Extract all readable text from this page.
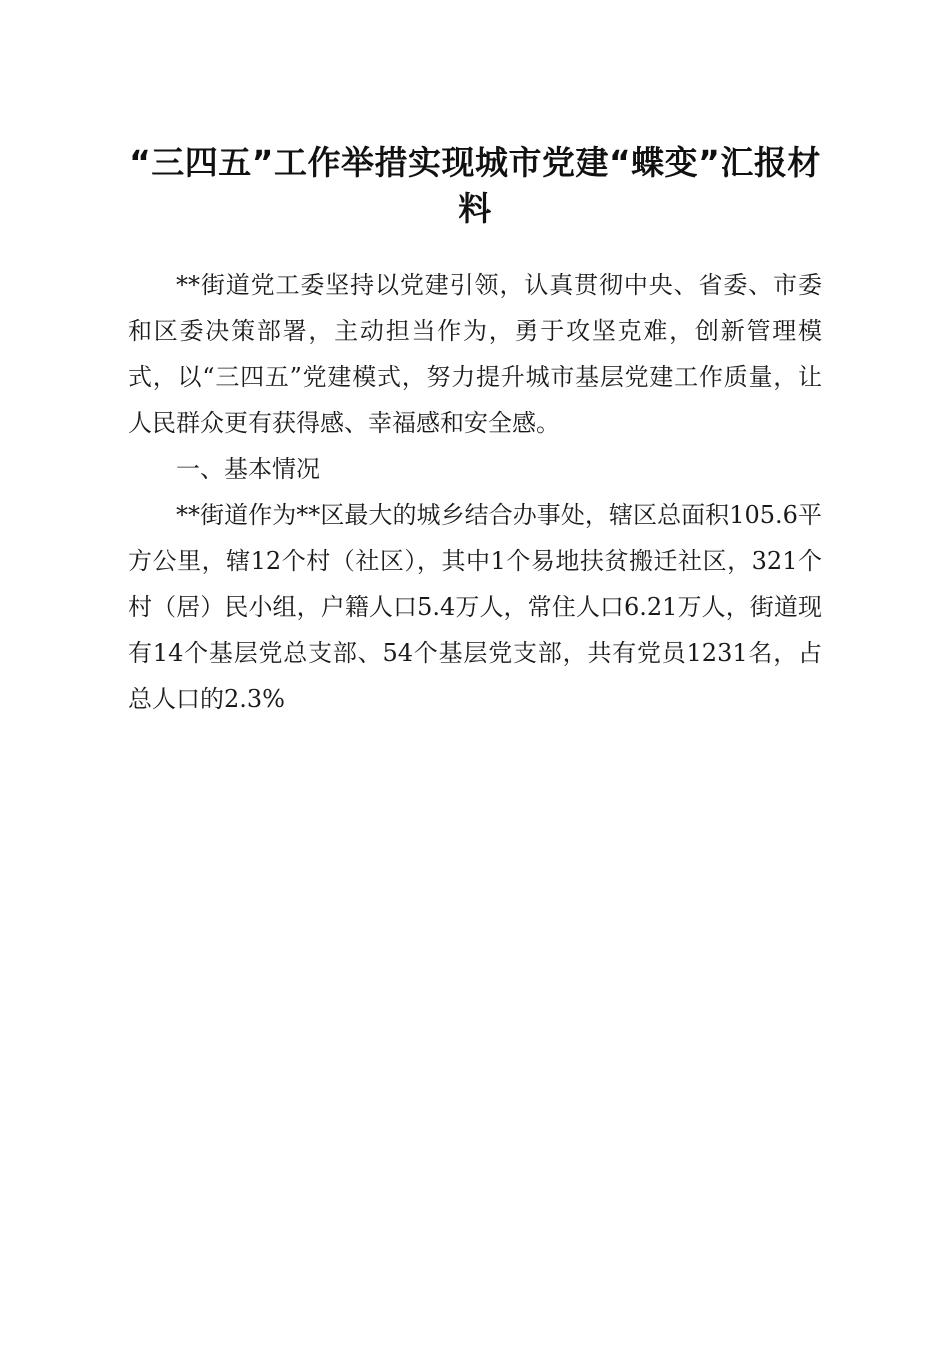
“三四五”工作举措实现城市党建“蝶变”汇报材料

**街道党工委坚持以党建引领，认真贯彻中央、省委、市委和区委决策部署，主动担当作为，勇于攻坚克难，创新管理模式，以“三四五”党建模式，努力提升城市基层党建工作质量，让人民群众更有获得感、幸福感和安全感。

一、基本情况

**街道作为**区最大的城乡结合办事处，辖区总面积105.6平方公里，辖12个村（社区），其中1个易地扶贫搬迁社区，321个村（居）民小组，户籍人口5.4万人，常住人口6.21万人，街道现有14个基层党总支部、54个基层党支部，共有党员1231名，占总人口的2.3%
